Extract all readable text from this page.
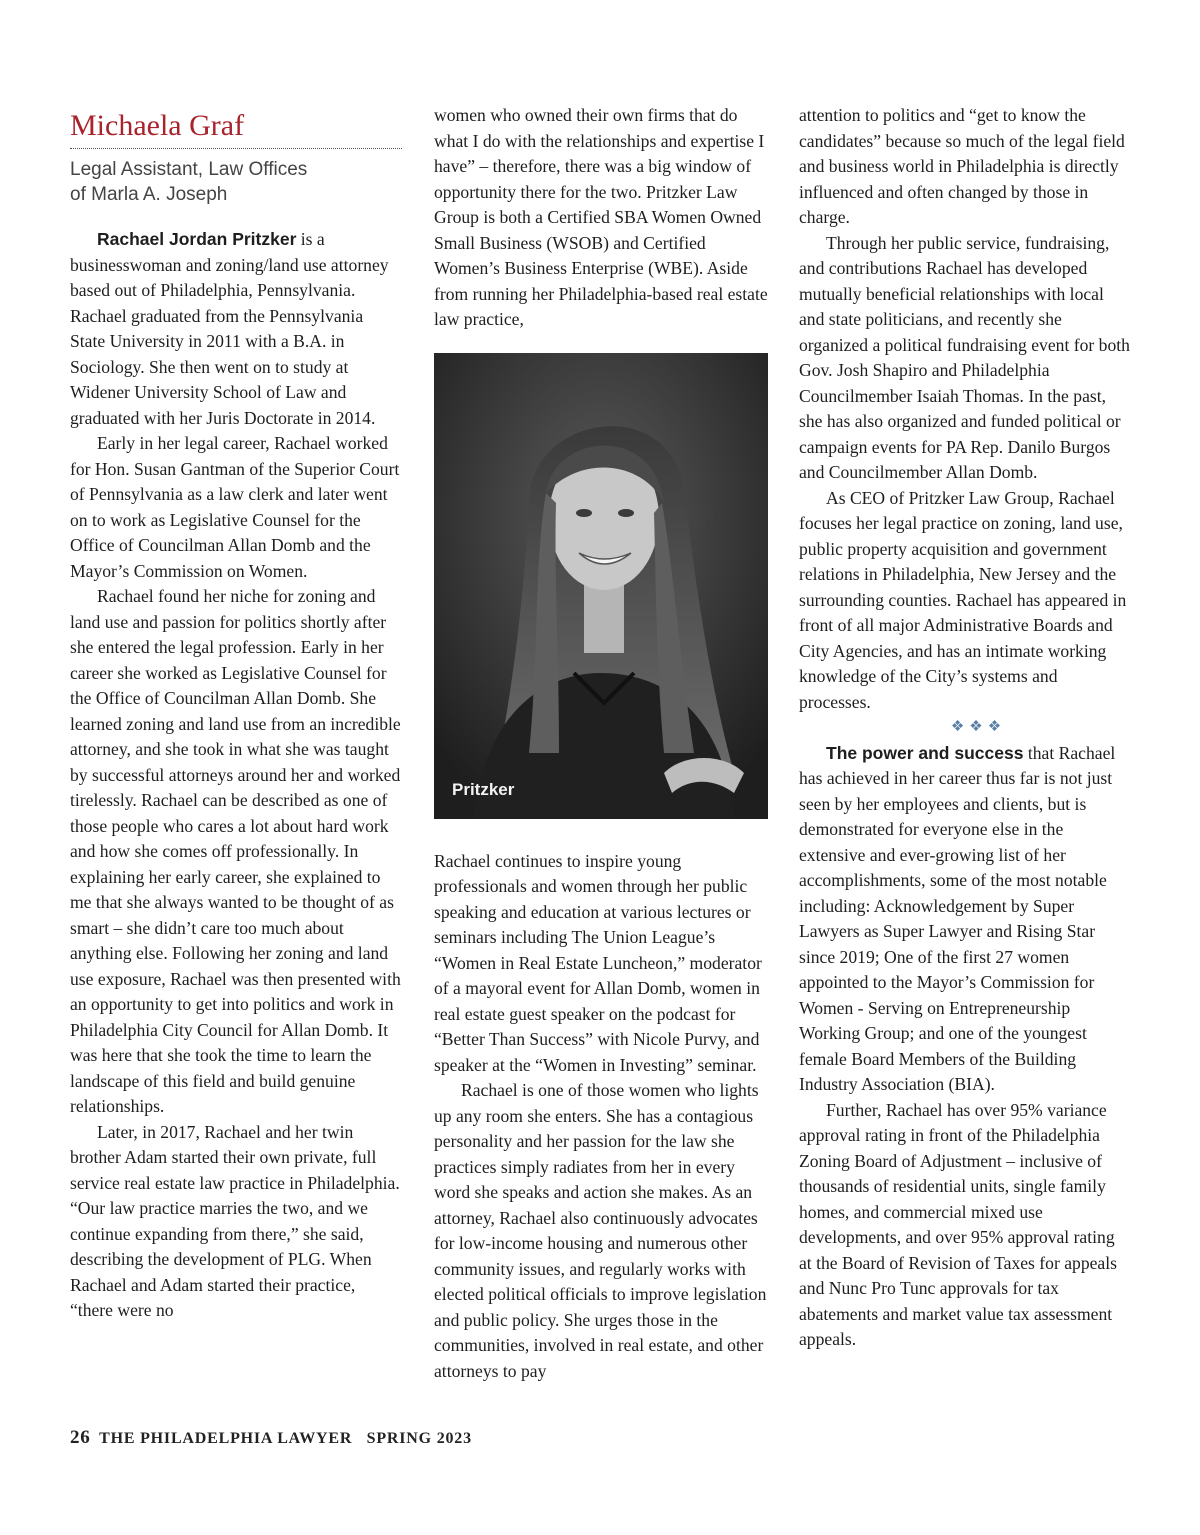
Michaela Graf
Legal Assistant, Law Offices
of Marla A. Joseph

Rachael Jordan Pritzker is a businesswoman and zoning/land use attorney based out of Philadelphia, Pennsylvania. Rachael graduated from the Pennsylvania State University in 2011 with a B.A. in Sociology. She then went on to study at Widener University School of Law and graduated with her Juris Doctorate in 2014.

Early in her legal career, Rachael worked for Hon. Susan Gantman of the Superior Court of Pennsylvania as a law clerk and later went on to work as Legislative Counsel for the Office of Councilman Allan Domb and the Mayor’s Commission on Women.

Rachael found her niche for zoning and land use and passion for politics shortly after she entered the legal profession. Early in her career she worked as Legislative Counsel for the Office of Councilman Allan Domb. She learned zoning and land use from an incredible attorney, and she took in what she was taught by successful attorneys around her and worked tirelessly. Rachael can be described as one of those people who cares a lot about hard work and how she comes off professionally. In explaining her early career, she explained to me that she always wanted to be thought of as smart – she didn’t care too much about anything else. Following her zoning and land use exposure, Rachael was then presented with an opportunity to get into politics and work in Philadelphia City Council for Allan Domb. It was here that she took the time to learn the landscape of this field and build genuine relationships.

Later, in 2017, Rachael and her twin brother Adam started their own private, full service real estate law practice in Philadelphia. “Our law practice marries the two, and we continue expanding from there,” she said, describing the development of PLG. When Rachael and Adam started their practice, “there were no

women who owned their own firms that do what I do with the relationships and expertise I have” – therefore, there was a big window of opportunity there for the two. Pritzker Law Group is both a Certified SBA Women Owned Small Business (WSOB) and Certified Women’s Business Enterprise (WBE). Aside from running her Philadelphia-based real estate law practice,

Pritzker

Rachael continues to inspire young professionals and women through her public speaking and education at various lectures or seminars including The Union League’s “Women in Real Estate Luncheon,” moderator of a mayoral event for Allan Domb, women in real estate guest speaker on the podcast for “Better Than Success” with Nicole Purvy, and speaker at the “Women in Investing” seminar.

Rachael is one of those women who lights up any room she enters. She has a contagious personality and her passion for the law she practices simply radiates from her in every word she speaks and action she makes. As an attorney, Rachael also continuously advocates for low-income housing and numerous other community issues, and regularly works with elected political officials to improve legislation and public policy. She urges those in the communities, involved in real estate, and other attorneys to pay

attention to politics and “get to know the candidates” because so much of the legal field and business world in Philadelphia is directly influenced and often changed by those in charge.

Through her public service, fundraising, and contributions Rachael has developed mutually beneficial relationships with local and state politicians, and recently she organized a political fundraising event for both Gov. Josh Shapiro and Philadelphia Councilmember Isaiah Thomas. In the past, she has also organized and funded political or campaign events for PA Rep. Danilo Burgos and Councilmember Allan Domb.

As CEO of Pritzker Law Group, Rachael focuses her legal practice on zoning, land use, public property acquisition and government relations in Philadelphia, New Jersey and the surrounding counties. Rachael has appeared in front of all major Administrative Boards and City Agencies, and has an intimate working knowledge of the City’s systems and processes.

❖❖❖

The power and success that Rachael has achieved in her career thus far is not just seen by her employees and clients, but is demonstrated for everyone else in the extensive and ever-growing list of her accomplishments, some of the most notable including: Acknowledgement by Super Lawyers as Super Lawyer and Rising Star since 2019; One of the first 27 women appointed to the Mayor’s Commission for Women - Serving on Entrepreneurship Working Group; and one of the youngest female Board Members of the Building Industry Association (BIA).

Further, Rachael has over 95% variance approval rating in front of the Philadelphia Zoning Board of Adjustment – inclusive of thousands of residential units, single family homes, and commercial mixed use developments, and over 95% approval rating at the Board of Revision of Taxes for appeals and Nunc Pro Tunc approvals for tax abatements and market value tax assessment appeals.

26 THE PHILADELPHIA LAWYER SPRING 2023
